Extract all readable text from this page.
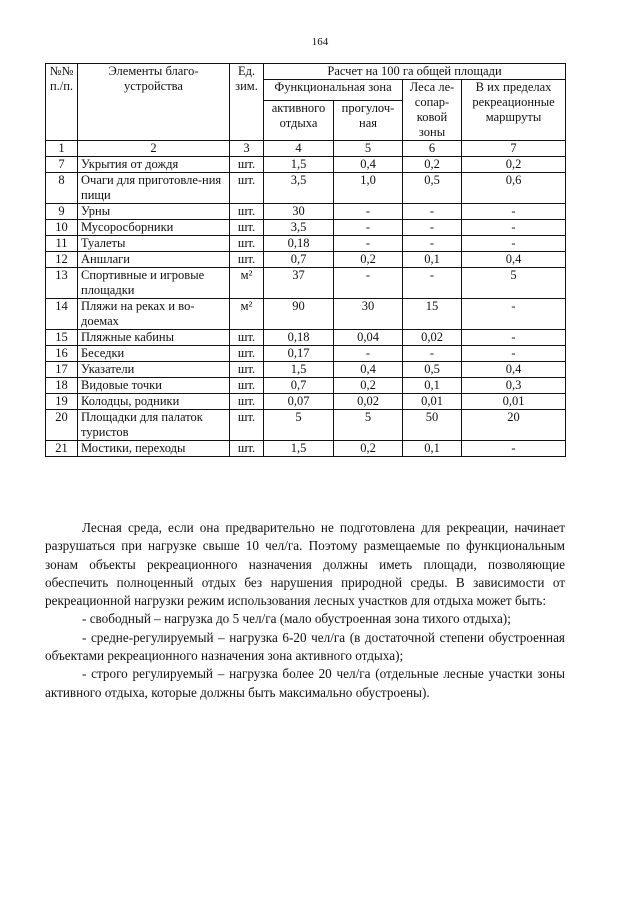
164
№№ п./п.	Элементы благо-устройства	Ед. зим.	Расчет на 100 га общей площади			
			Функциональная зона		Леса ле-сопар-ковой зоны	В их пределах рекреационные маршруты
			активного отдыха	прогулоч-ная		
1	2	3	4	5	6	7
7	Укрытия от дождя	шт.	1,5	0,4	0,2	0,2
8	Очаги для приготовле-ния пищи	шт.	3,5	1,0	0,5	0,6
9	Урны	шт.	30	-	-	-
10	Мусоросборники	шт.	3,5	-	-	-
11	Туалеты	шт.	0,18	-	-	-
12	Аншлаги	шт.	0,7	0,2	0,1	0,4
13	Спортивные и игровые площадки	м²	37	-	-	5
14	Пляжи на реках и во-доемах	м²	90	30	15	-
15	Пляжные кабины	шт.	0,18	0,04	0,02	-
16	Беседки	шт.	0,17	-	-	-
17	Указатели	шт.	1,5	0,4	0,5	0,4
18	Видовые точки	шт.	0,7	0,2	0,1	0,3
19	Колодцы, родники	шт.	0,07	0,02	0,01	0,01
20	Площадки для палаток туристов	шт.	5	5	50	20
21	Мостики, переходы	шт.	1,5	0,2	0,1	-

Лесная среда, если она предварительно не подготовлена для рекреации, начинает разрушаться при нагрузке свыше 10 чел/га. Поэтому размещаемые по функциональным зонам объекты рекреационного назначения должны иметь площади, позволяющие обеспечить полноценный отдых без нарушения природной среды. В зависимости от рекреационной нагрузки режим использования лесных участков для отдыха может быть:

- свободный – нагрузка до 5 чел/га (мало обустроенная зона тихого отдыха);

- средне-регулируемый – нагрузка 6-20 чел/га (в достаточной степени обустроенная объектами рекреационного назначения зона активного отдыха);

- строго регулируемый – нагрузка более 20 чел/га (отдельные лесные участки зоны активного отдыха, которые должны быть максимально обустроены).
